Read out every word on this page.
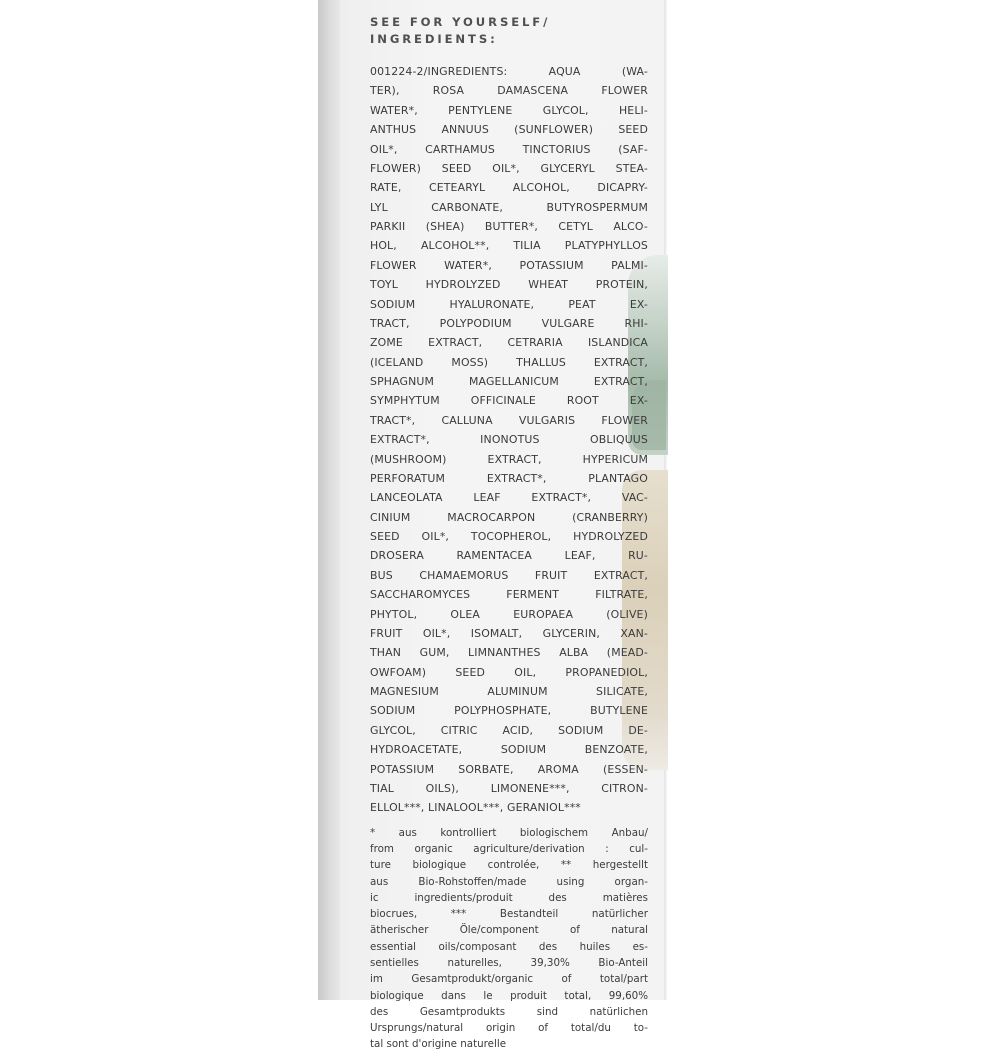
SEE FOR YOURSELF/
INGREDIENTS:
001224-2/INGREDIENTS: AQUA (WA-
TER), ROSA DAMASCENA FLOWER
WATER*, PENTYLENE GLYCOL, HELI-
ANTHUS ANNUUS (SUNFLOWER) SEED
OIL*, CARTHAMUS TINCTORIUS (SAF-
FLOWER) SEED OIL*, GLYCERYL STEA-
RATE, CETEARYL ALCOHOL, DICAPRY-
LYL CARBONATE, BUTYROSPERMUM
PARKII (SHEA) BUTTER*, CETYL ALCO-
HOL, ALCOHOL**, TILIA PLATYPHYLLOS
FLOWER WATER*, POTASSIUM PALMI-
TOYL HYDROLYZED WHEAT PROTEIN,
SODIUM HYALURONATE, PEAT EX-
TRACT, POLYPODIUM VULGARE RHI-
ZOME EXTRACT, CETRARIA ISLANDICA
(ICELAND MOSS) THALLUS EXTRACT,
SPHAGNUM MAGELLANICUM EXTRACT,
SYMPHYTUM OFFICINALE ROOT EX-
TRACT*, CALLUNA VULGARIS FLOWER
EXTRACT*, INONOTUS OBLIQUUS
(MUSHROOM) EXTRACT, HYPERICUM
PERFORATUM EXTRACT*, PLANTAGO
LANCEOLATA LEAF EXTRACT*, VAC-
CINIUM MACROCARPON (CRANBERRY)
SEED OIL*, TOCOPHEROL, HYDROLYZED
DROSERA RAMENTACEA LEAF, RU-
BUS CHAMAEMORUS FRUIT EXTRACT,
SACCHAROMYCES FERMENT FILTRATE,
PHYTOL, OLEA EUROPAEA (OLIVE)
FRUIT OIL*, ISOMALT, GLYCERIN, XAN-
THAN GUM, LIMNANTHES ALBA (MEAD-
OWFOAM) SEED OIL, PROPANEDIOL,
MAGNESIUM ALUMINUM SILICATE,
SODIUM POLYPHOSPHATE, BUTYLENE
GLYCOL, CITRIC ACID, SODIUM DE-
HYDROACETATE, SODIUM BENZOATE,
POTASSIUM SORBATE, AROMA (ESSEN-
TIAL OILS), LIMONENE***, CITRON-
ELLOL***, LINALOOL***, GERANIOL***
* aus kontrolliert biologischem Anbau/
from organic agriculture/derivation : cul-
ture biologique controlée, ** hergestellt
aus Bio-Rohstoffen/made using organ-
ic ingredients/produit des matières
biocrues, *** Bestandteil natürlicher
ätherischer Öle/component of natural
essential oils/composant des huiles es-
sentielles naturelles, 39,30% Bio-Anteil
im Gesamtprodukt/organic of total/part
biologique dans le produit total, 99,60%
des Gesamtprodukts sind natürlichen
Ursprungs/natural origin of total/du to-
tal sont d'origine naturelle
